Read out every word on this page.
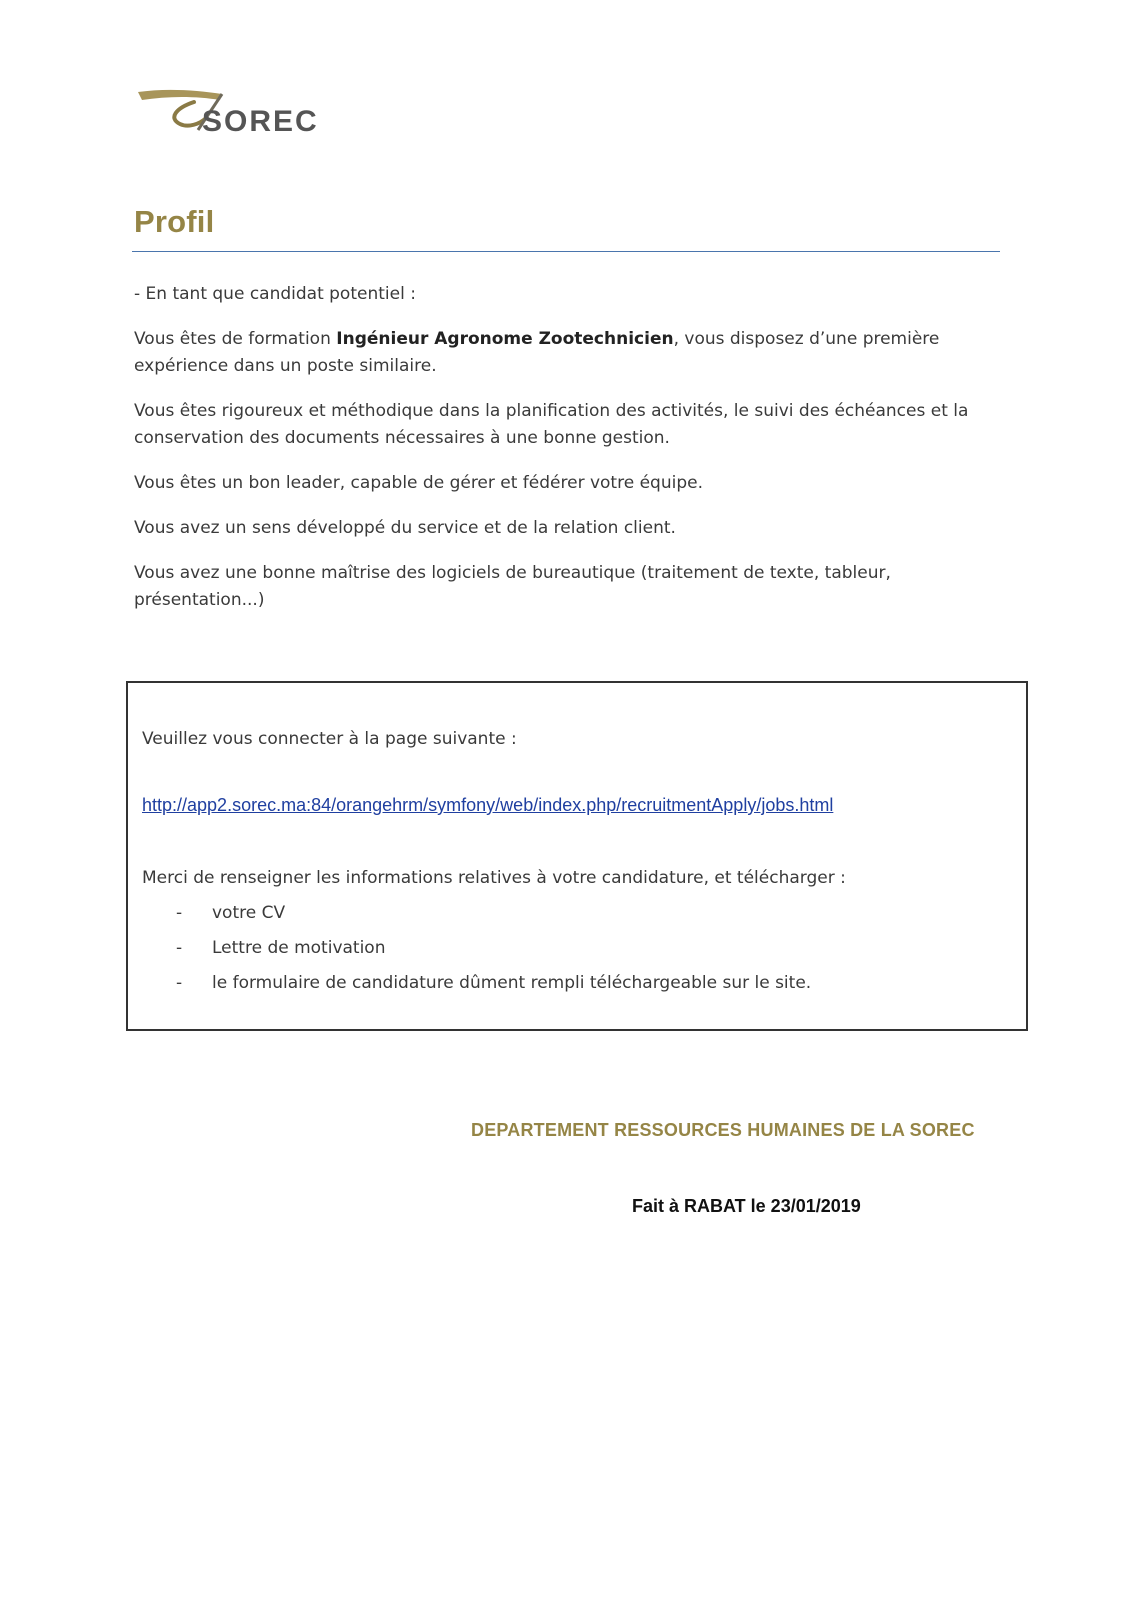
SOREC
Profil

- En tant que candidat potentiel :

Vous êtes de formation Ingénieur Agronome Zootechnicien, vous disposez d’une première expérience dans un poste similaire.

Vous êtes rigoureux et méthodique dans la planification des activités, le suivi des échéances et la conservation des documents nécessaires à une bonne gestion.

Vous êtes un bon leader, capable de gérer et fédérer votre équipe.

Vous avez un sens développé du service et de la relation client.

Vous avez une bonne maîtrise des logiciels de bureautique (traitement de texte, tableur, présentation...)

Veuillez vous connecter à la page suivante :

http://app2.sorec.ma:84/orangehrm/symfony/web/index.php/recruitmentApply/jobs.html

Merci de renseigner les informations relatives à votre candidature, et télécharger :

- votre CV
- Lettre de motivation
- le formulaire de candidature dûment rempli téléchargeable sur le site.

DEPARTEMENT RESSOURCES HUMAINES DE LA SOREC

Fait à RABAT le 23/01/2019
